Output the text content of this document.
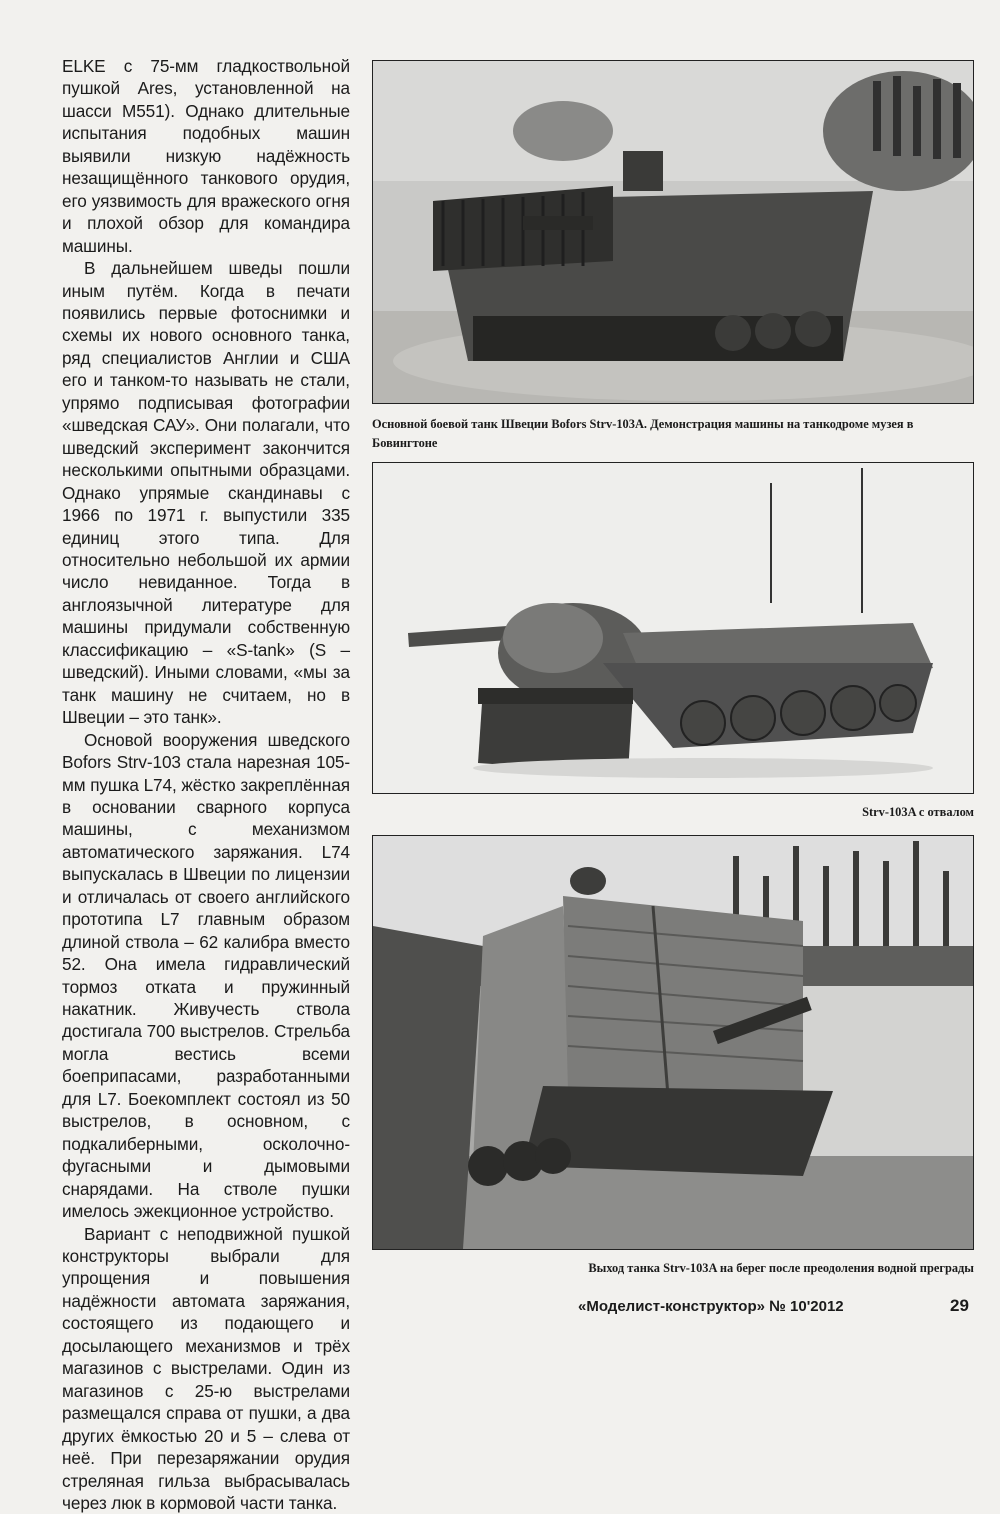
ELKE с 75-мм гладкоствольной пушкой Ares, установленной на шасси M551). Однако длительные испытания подобных машин выявили низкую надёжность незащищённого танкового орудия, его уязвимость для вражеского огня и плохой обзор для командира машины.

В дальнейшем шведы пошли иным путём. Когда в печати появились первые фотоснимки и схемы их нового основного танка, ряд специалистов Англии и США его и танком-то называть не стали, упрямо подписывая фотографии «шведская САУ». Они полагали, что шведский эксперимент закончится несколькими опытными образцами. Однако упрямые скандинавы с 1966 по 1971 г. выпустили 335 единиц этого типа. Для относительно небольшой их армии число невиданное. Тогда в англоязычной литературе для машины придумали собственную классификацию – «S-tank» (S – шведский). Иными словами, «мы за танк машину не считаем, но в Швеции – это танк».

Основой вооружения шведского Bofors Strv-103 стала нарезная 105-мм пушка L74, жёстко закреплённая в основании сварного корпуса машины, с механизмом автоматического заряжания. L74 выпускалась в Швеции по лицензии и отличалась от своего английского прототипа L7 главным образом длиной ствола – 62 калибра вместо 52. Она имела гидравлический тормоз отката и пружинный накатник. Живучесть ствола достигала 700 выстрелов. Стрельба могла вестись всеми боеприпасами, разработанными для L7. Боекомплект состоял из 50 выстрелов, в основном, с подкалиберными, осколочно-фугасными и дымовыми снарядами. На стволе пушки имелось эжекционное устройство.

Вариант с неподвижной пушкой конструкторы выбрали для упрощения и повышения надёжности автомата заряжания, состоящего из подающего и досылающего механизмов и трёх магазинов с выстрелами. Один из магазинов с 25-ю выстрелами размещался справа от пушки, а два других ёмкостью 20 и 5 – слева от неё. При перезаряжании орудия стреляная гильза выбрасывалась через люк в кормовой части танка.

Основной боевой танк Швеции Bofors Strv-103A. Демонстрация машины на танкодроме музея в Бовингтоне
Strv-103A с отвалом
Выход танка Strv-103A на берег после преодоления водной преграды
«Моделист-конструктор» № 10'2012	29
